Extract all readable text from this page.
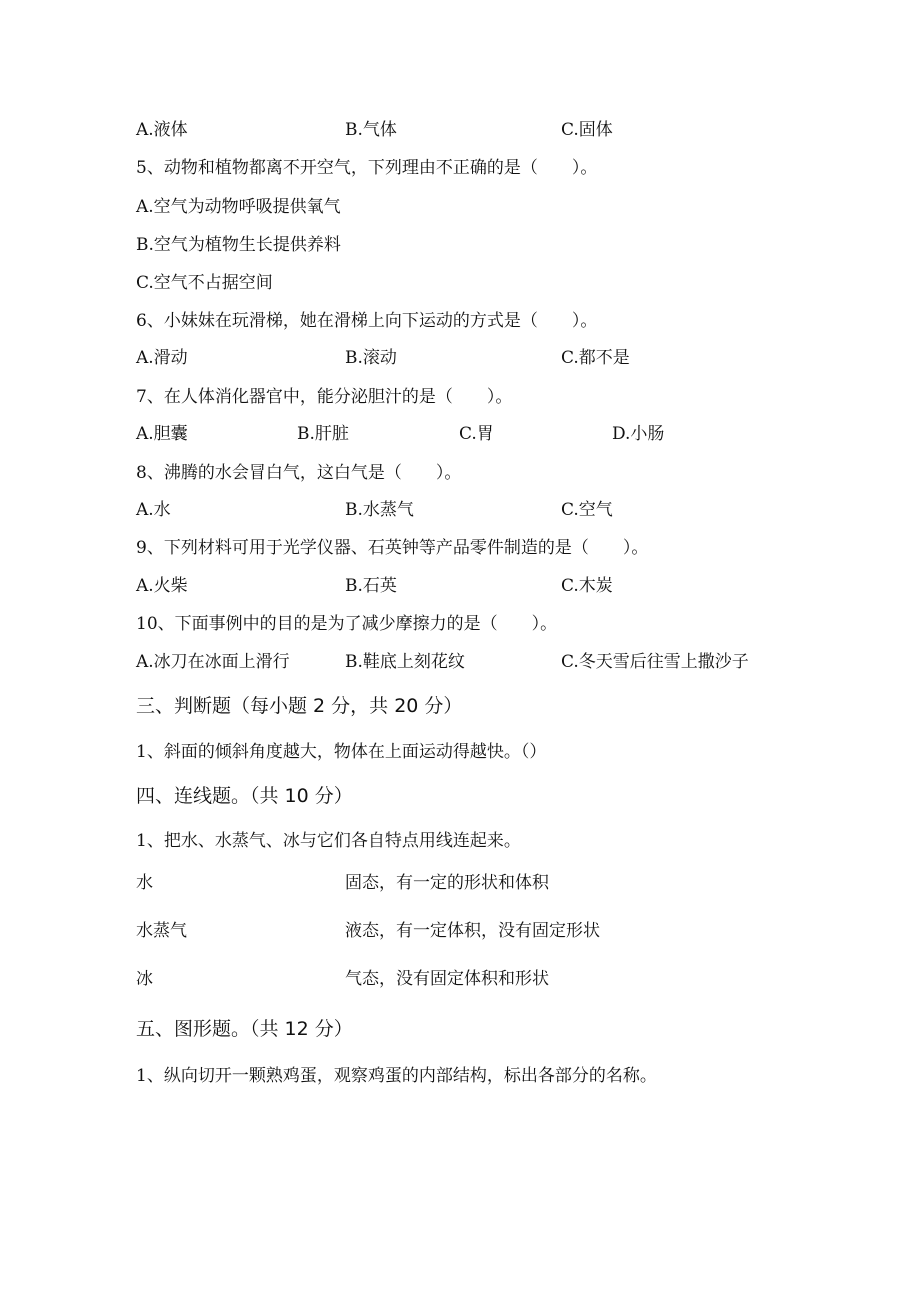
A.液体	B.气体	C.固体
5、动物和植物都离不开空气，下列理由不正确的是（　　）。
A.空气为动物呼吸提供氧气
B.空气为植物生长提供养料
C.空气不占据空间
6、小妹妹在玩滑梯，她在滑梯上向下运动的方式是（　　）。
A.滑动	B.滚动	C.都不是
7、在人体消化器官中，能分泌胆汁的是（　　）。
A.胆囊	B.肝脏	C.胃	D.小肠
8、沸腾的水会冒白气，这白气是（　　）。
A.水	B.水蒸气	C.空气
9、下列材料可用于光学仪器、石英钟等产品零件制造的是（　　）。
A.火柴	B.石英	C.木炭
10、下面事例中的目的是为了减少摩擦力的是（　　）。
A.冰刀在冰面上滑行	B.鞋底上刻花纹	C.冬天雪后往雪上撒沙子
三、判断题（每小题 2 分，共 20 分）
1、斜面的倾斜角度越大，物体在上面运动得越快。（）
四、连线题。（共 10 分）
1、把水、水蒸气、冰与它们各自特点用线连起来。
水	固态，有一定的形状和体积
水蒸气	液态，有一定体积，没有固定形状
冰	气态，没有固定体积和形状
五、图形题。（共 12 分）
1、纵向切开一颗熟鸡蛋，观察鸡蛋的内部结构，标出各部分的名称。
